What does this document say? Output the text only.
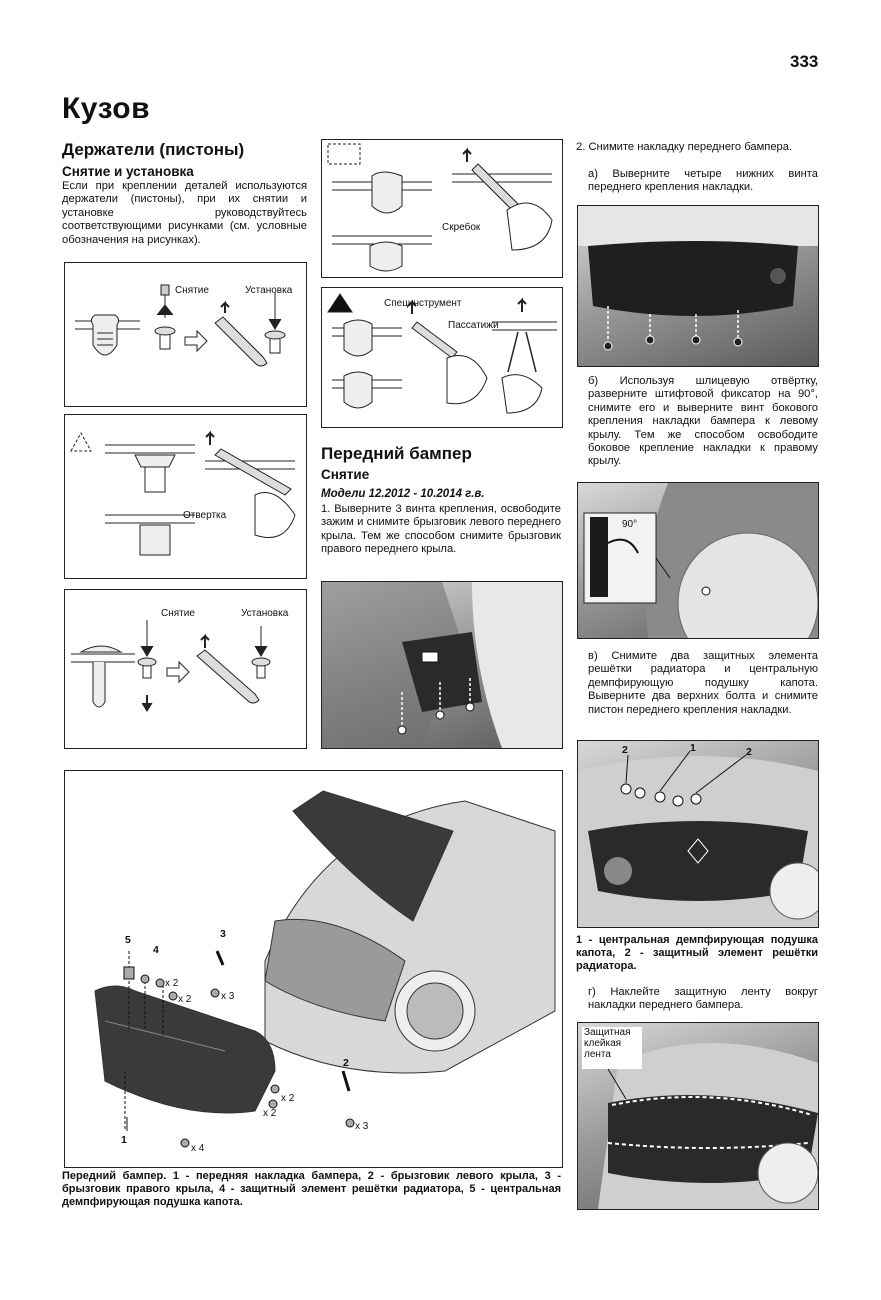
333
Кузов
Держатели (пистоны)
Снятие и установка
Если при креплении деталей используются держатели (пистоны), при их снятии и установке руководствуйтесь соответствующими рисунками (см. условные обозначения на рисунках).
Снятие	Установка
Отвертка
Снятие	Установка
Скребок
Специнструмент
Пассатижи
Передний бампер
Снятие
Модели 12.2012 - 10.2014 г.в.
1. Выверните 3 винта крепления, освободите зажим и снимите брызговик левого переднего крыла. Тем же способом снимите брызговик правого переднего крыла.
2. Снимите накладку переднего бампера.
а) Выверните четыре нижних винта переднего крепления накладки.
б) Используя шлицевую отвёртку, разверните штифтовой фиксатор на 90°, снимите его и выверните винт бокового крепления накладки бампера к левому крылу. Тем же способом освободите боковое крепление накладки к правому крылу.
90°
в) Снимите два защитных элемента решётки радиатора и центральную демпфирующую подушку капота. Выверните два верхних болта и снимите пистон переднего крепления накладки.
2	1	2
1 - центральная демпфирующая подушка капота, 2 - защитный элемент решётки радиатора.
г) Наклейте защитную ленту вокруг накладки переднего бампера.
Защитная клейкая лента
5
4
3
2
1
x 2
x 2	x 3
x 2
x 2
x 3
x 4
Передний бампер. 1 - передняя накладка бампера, 2 - брызговик левого крыла, 3 - брызговик правого крыла, 4 - защитный элемент решётки радиатора, 5 - центральная демпфирующая подушка капота.
